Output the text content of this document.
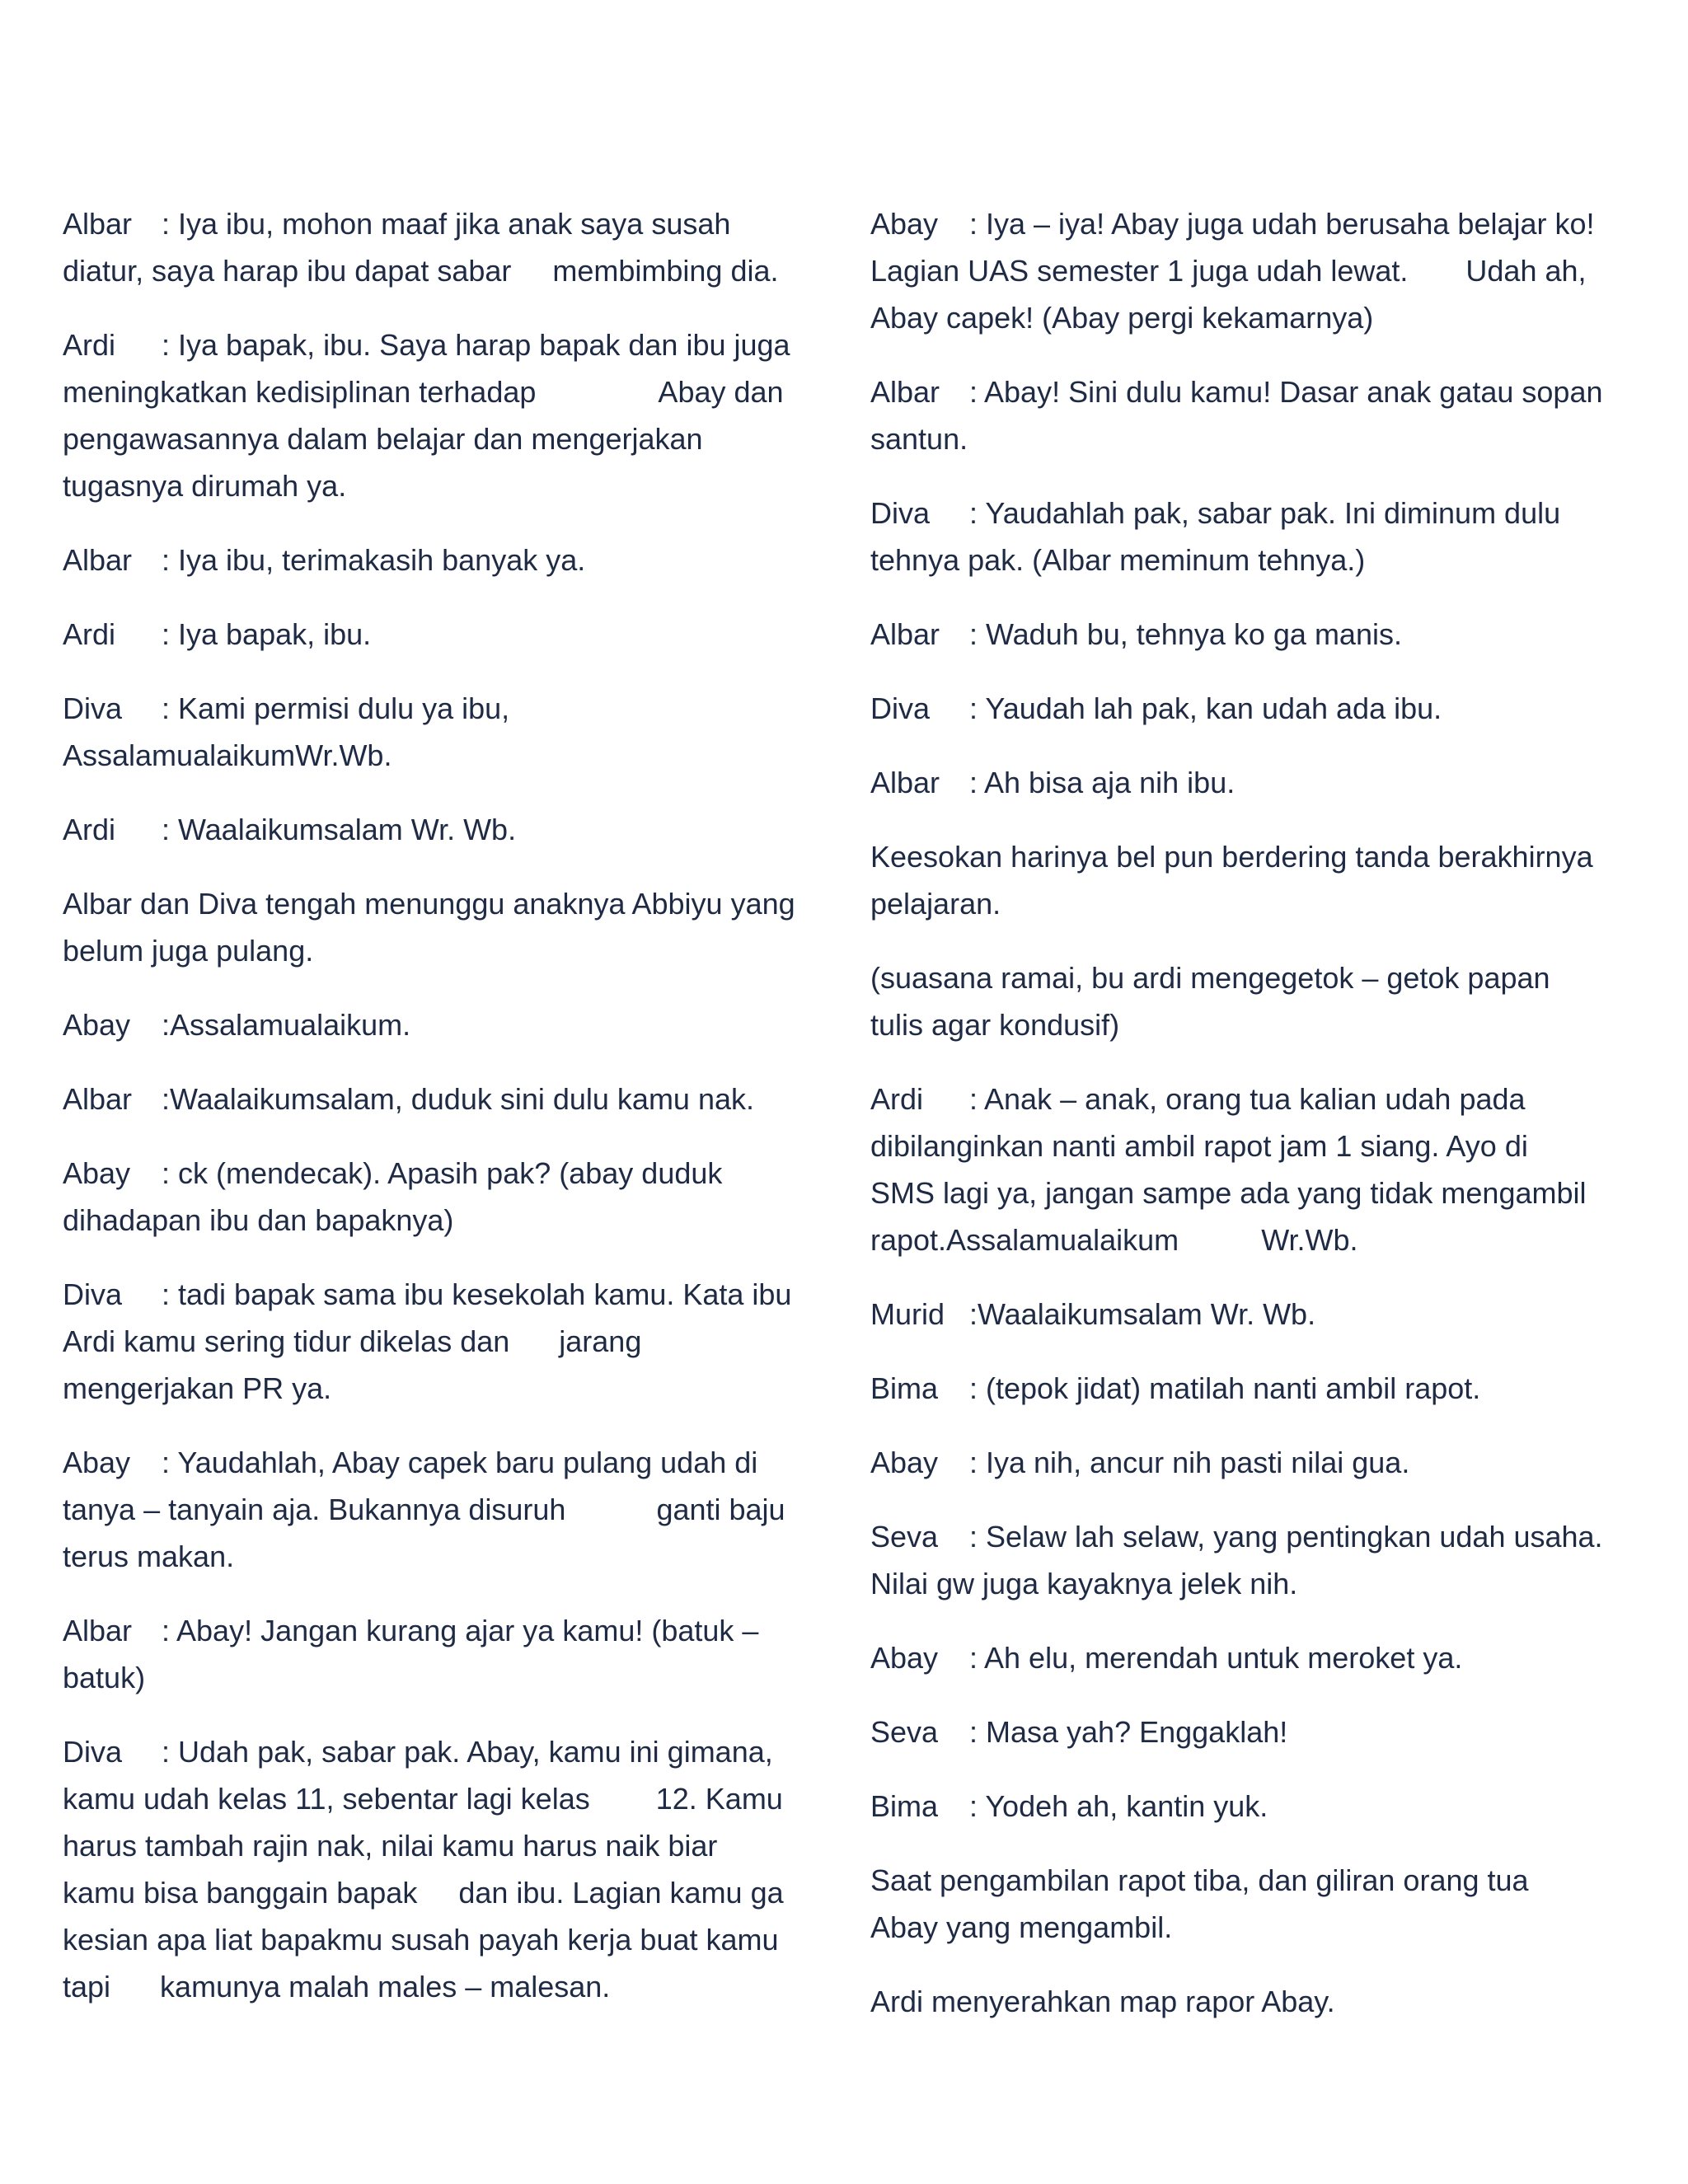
Albar : Iya ibu, mohon maaf jika anak saya susah
diatur, saya harap ibu dapat sabar     membimbing dia.
Ardi : Iya bapak, ibu. Saya harap bapak dan ibu juga
meningkatkan kedisiplinan terhadap               Abay dan
pengawasannya dalam belajar dan mengerjakan
tugasnya dirumah ya.
Albar : Iya ibu, terimakasih banyak ya.
Ardi : Iya bapak, ibu.
Diva : Kami permisi dulu ya ibu,
AssalamualaikumWr.Wb.
Ardi : Waalaikumsalam Wr. Wb.
Albar dan Diva tengah menunggu anaknya Abbiyu yang
belum juga pulang.
Abay :Assalamualaikum.
Albar :Waalaikumsalam, duduk sini dulu kamu nak.
Abay : ck (mendecak). Apasih pak? (abay duduk
dihadapan ibu dan bapaknya)
Diva : tadi bapak sama ibu kesekolah kamu. Kata ibu
Ardi kamu sering tidur dikelas dan      jarang
mengerjakan PR ya.
Abay : Yaudahlah, Abay capek baru pulang udah di
tanya – tanyain aja. Bukannya disuruh           ganti baju
terus makan.
Albar : Abay! Jangan kurang ajar ya kamu! (batuk –
batuk)
Diva : Udah pak, sabar pak. Abay, kamu ini gimana,
kamu udah kelas 11, sebentar lagi kelas        12. Kamu
harus tambah rajin nak, nilai kamu harus naik biar
kamu bisa banggain bapak     dan ibu. Lagian kamu ga
kesian apa liat bapakmu susah payah kerja buat kamu
tapi      kamunya malah males – malesan.
Abay : Iya – iya! Abay juga udah berusaha belajar ko!
Lagian UAS semester 1 juga udah lewat.       Udah ah,
Abay capek! (Abay pergi kekamarnya)
Albar : Abay! Sini dulu kamu! Dasar anak gatau sopan
santun.
Diva : Yaudahlah pak, sabar pak. Ini diminum dulu
tehnya pak. (Albar meminum tehnya.)
Albar : Waduh bu, tehnya ko ga manis.
Diva : Yaudah lah pak, kan udah ada ibu.
Albar : Ah bisa aja nih ibu.
Keesokan harinya bel pun berdering tanda berakhirnya
pelajaran.
(suasana ramai, bu ardi mengegetok – getok papan
tulis agar kondusif)
Ardi : Anak – anak, orang tua kalian udah pada
dibilanginkan nanti ambil rapot jam 1 siang. Ayo di
SMS lagi ya, jangan sampe ada yang tidak mengambil
rapot.Assalamualaikum          Wr.Wb.
Murid :Waalaikumsalam Wr. Wb.
Bima : (tepok jidat) matilah nanti ambil rapot.
Abay : Iya nih, ancur nih pasti nilai gua.
Seva : Selaw lah selaw, yang pentingkan udah usaha.
Nilai gw juga kayaknya jelek nih.
Abay : Ah elu, merendah untuk meroket ya.
Seva : Masa yah? Enggaklah!
Bima : Yodeh ah, kantin yuk.
Saat pengambilan rapot tiba, dan giliran orang tua
Abay yang mengambil.
Ardi menyerahkan map rapor Abay.
